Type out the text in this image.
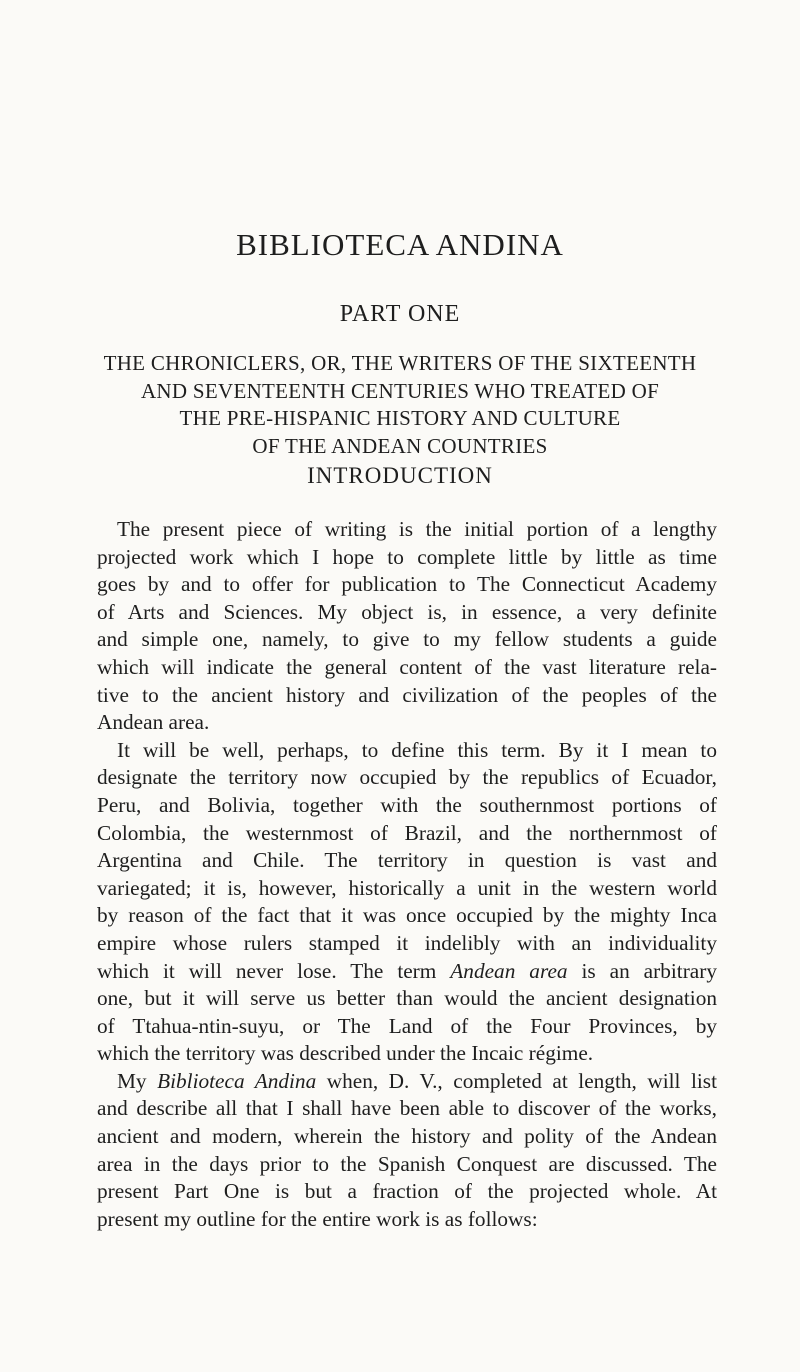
BIBLIOTECA ANDINA
PART ONE
THE CHRONICLERS, OR, THE WRITERS OF THE SIXTEENTH
AND SEVENTEENTH CENTURIES WHO TREATED OF
THE PRE-HISPANIC HISTORY AND CULTURE
OF THE ANDEAN COUNTRIES
INTRODUCTION
The present piece of writing is the initial portion of a lengthy
projected work which I hope to complete little by little as time
goes by and to offer for publication to The Connecticut Academy
of Arts and Sciences. My object is, in essence, a very definite
and simple one, namely, to give to my fellow students a guide
which will indicate the general content of the vast literature rela-
tive to the ancient history and civilization of the peoples of the
Andean area.
It will be well, perhaps, to define this term. By it I mean to
designate the territory now occupied by the republics of Ecuador,
Peru, and Bolivia, together with the southernmost portions of
Colombia, the westernmost of Brazil, and the northernmost of
Argentina and Chile. The territory in question is vast and
variegated; it is, however, historically a unit in the western world
by reason of the fact that it was once occupied by the mighty Inca
empire whose rulers stamped it indelibly with an individuality
which it will never lose. The term Andean area is an arbitrary
one, but it will serve us better than would the ancient designation
of Ttahua-ntin-suyu, or The Land of the Four Provinces, by
which the territory was described under the Incaic régime.
My Biblioteca Andina when, D. V., completed at length, will list
and describe all that I shall have been able to discover of the works,
ancient and modern, wherein the history and polity of the Andean
area in the days prior to the Spanish Conquest are discussed. The
present Part One is but a fraction of the projected whole. At
present my outline for the entire work is as follows:
